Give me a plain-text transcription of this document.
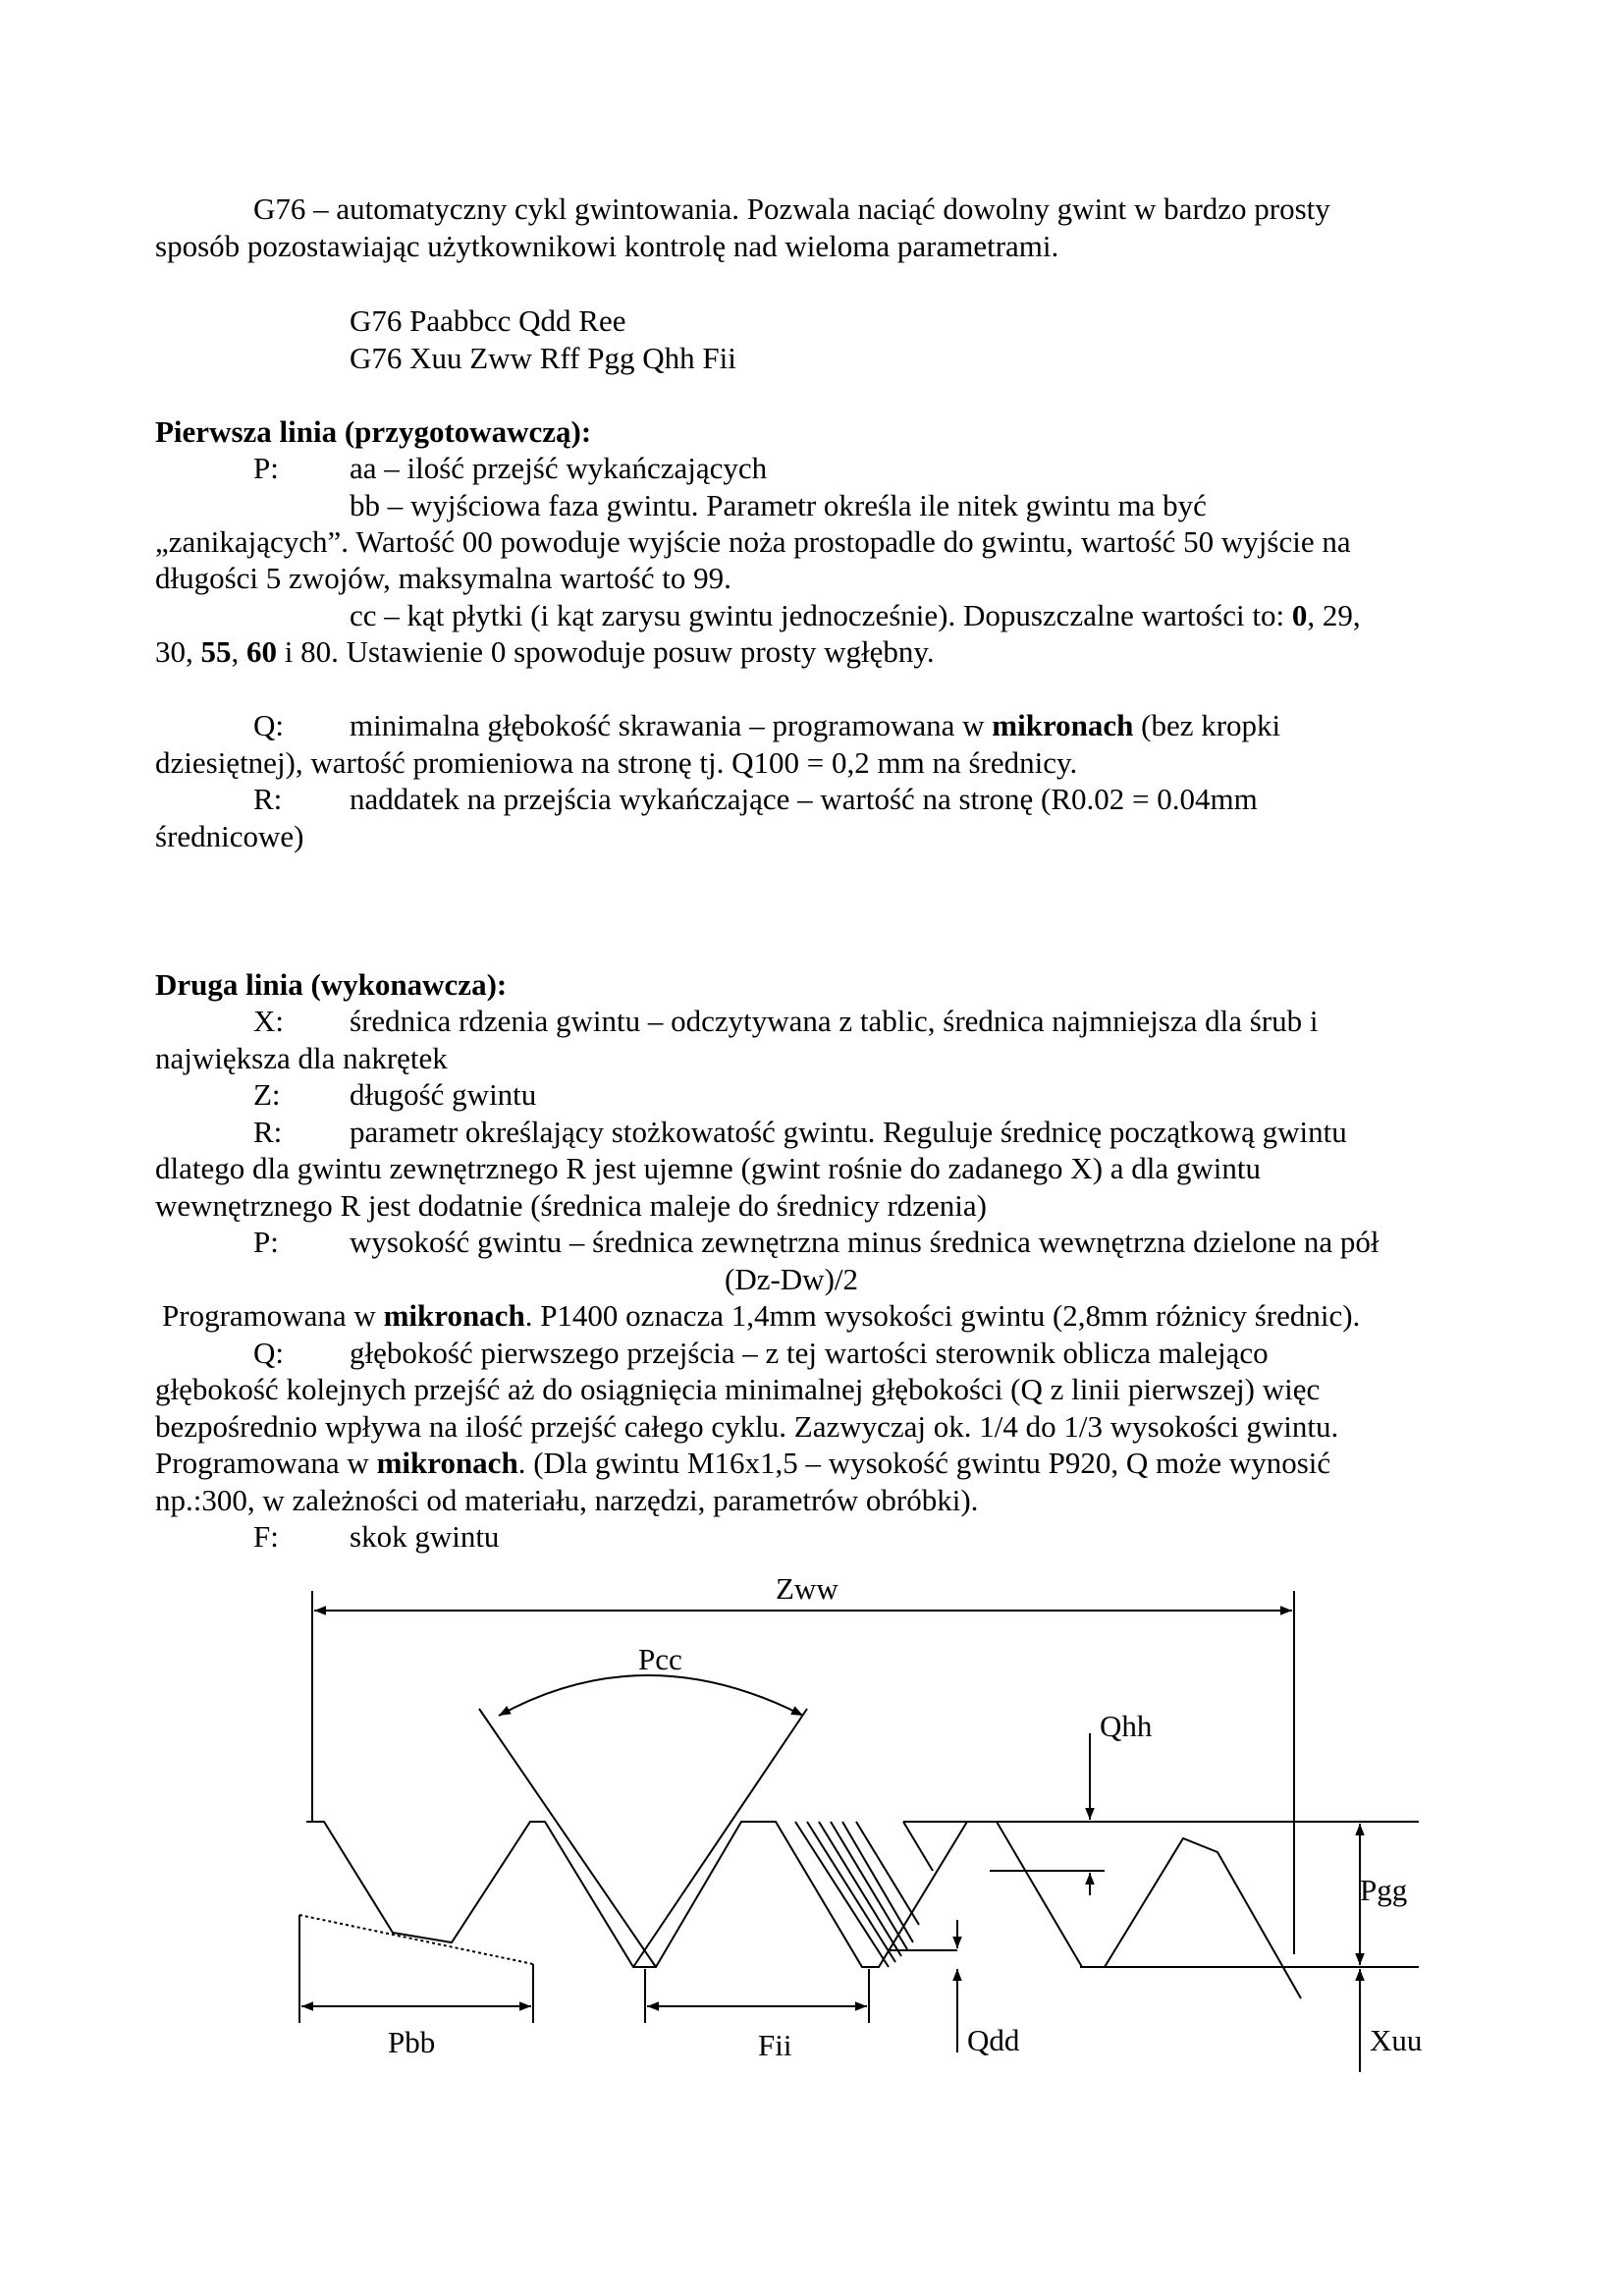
G76 – automatyczny cykl gwintowania. Pozwala naciąć dowolny gwint w bardzo prosty

sposób pozostawiając użytkownikowi kontrolę nad wieloma parametrami.

G76 Paabbcc Qdd Ree

G76 Xuu Zww Rff Pgg Qhh Fii

Pierwsza linia (przygotowawczą):

P: aa – ilość przejść wykańczających
bb – wyjściowa faza gwintu. Parametr określa ile nitek gwintu ma być

„zanikających”. Wartość 00 powoduje wyjście noża prostopadle do gwintu, wartość 50 wyjście na

długości 5 zwojów, maksymalna wartość to 99.

cc – kąt płytki (i kąt zarysu gwintu jednocześnie). Dopuszczalne wartości to: 0, 29,

30, 55, 60 i 80. Ustawienie 0 spowoduje posuw prosty wgłębny.

Q: minimalna głębokość skrawania – programowana w mikronach (bez kropki

dziesiętnej), wartość promieniowa na stronę tj. Q100 = 0,2 mm na średnicy.

R: naddatek na przejścia wykańczające – wartość na stronę (R0.02 = 0.04mm

średnicowe)

Druga linia (wykonawcza):

X: średnica rdzenia gwintu – odczytywana z tablic, średnica najmniejsza dla śrub i

największa dla nakrętek

Z: długość gwintu
R: parametr określający stożkowatość gwintu. Reguluje średnicę początkową gwintu

dlatego dla gwintu zewnętrznego R jest ujemne (gwint rośnie do zadanego X) a dla gwintu

wewnętrznego R jest dodatnie (średnica maleje do średnicy rdzenia)

P: wysokość gwintu – średnica zewnętrzna minus średnica wewnętrzna dzielone na pół

(Dz-Dw)/2

Programowana w mikronach. P1400 oznacza 1,4mm wysokości gwintu (2,8mm różnicy średnic).

Q: głębokość pierwszego przejścia – z tej wartości sterownik oblicza malejąco

głębokość kolejnych przejść aż do osiągnięcia minimalnej głębokości (Q z linii pierwszej) więc

bezpośrednio wpływa na ilość przejść całego cyklu. Zazwyczaj ok. 1/4 do 1/3 wysokości gwintu.

Programowana w mikronach. (Dla gwintu M16x1,5 – wysokość gwintu P920, Q może wynosić

np.:300, w zależności od materiału, narzędzi, parametrów obróbki).

F: skok gwintu
Zww
Pcc
Qhh
Pgg
Pbb	Fii	Qdd	Xuu
